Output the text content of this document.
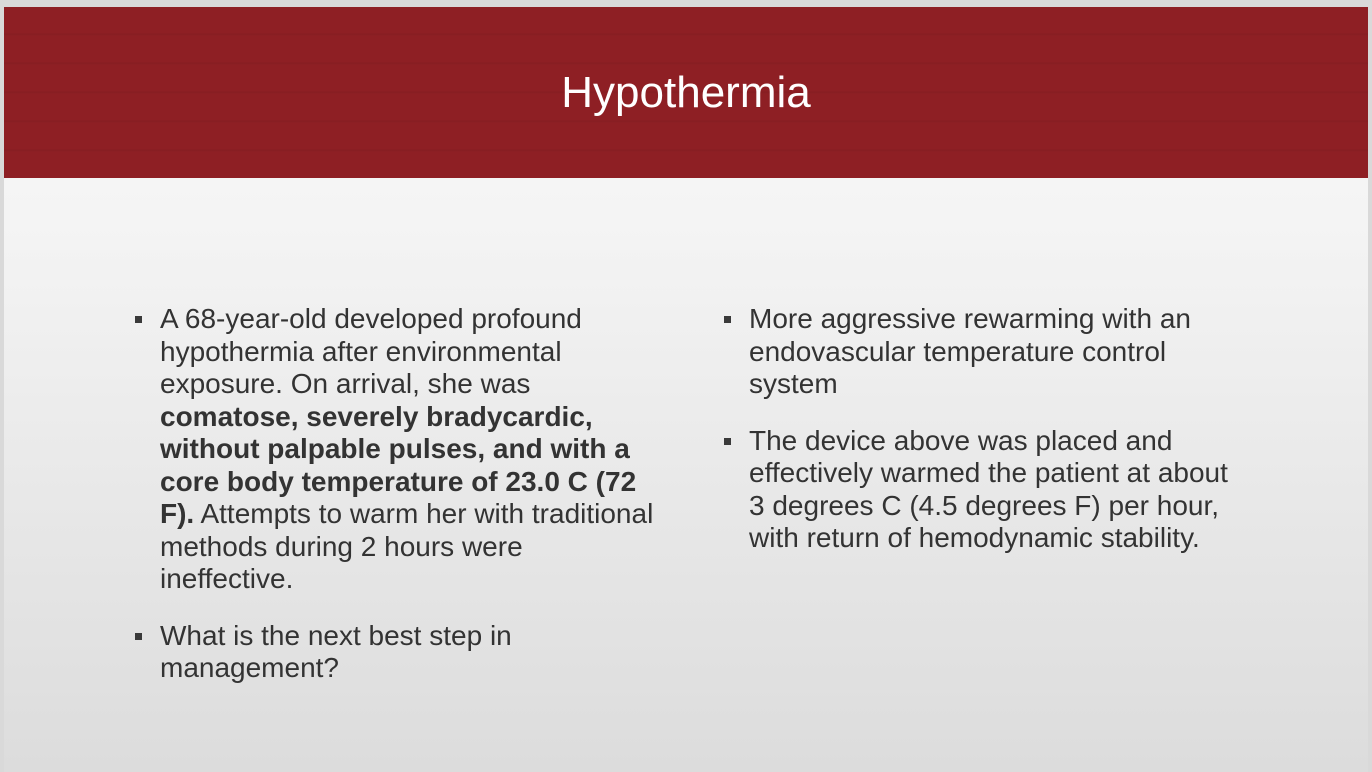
Hypothermia
A 68-year-old developed profound hypothermia after environmental exposure. On arrival, she was comatose, severely bradycardic, without palpable pulses, and with a core body temperature of 23.0 C (72 F). Attempts to warm her with traditional methods during 2 hours were ineffective.
What is the next best step in management?
More aggressive rewarming with an endovascular temperature control system
The device above was placed and effectively warmed the patient at about 3 degrees C (4.5 degrees F) per hour, with return of hemodynamic stability.
